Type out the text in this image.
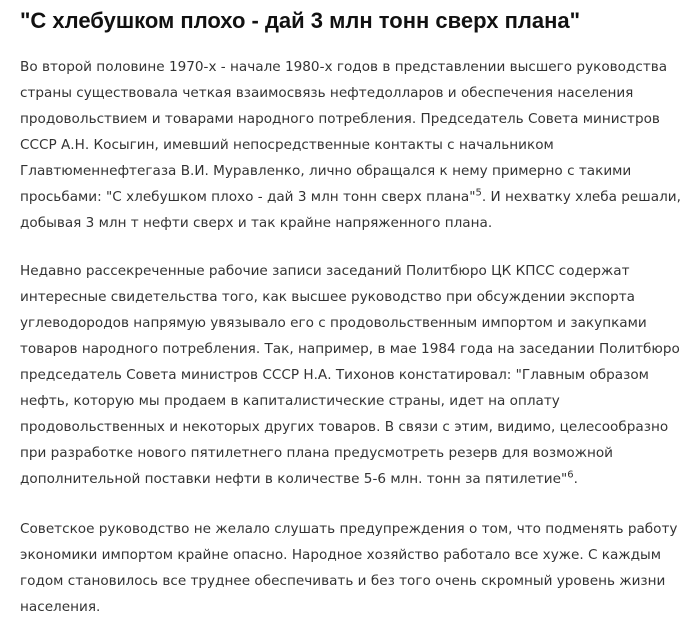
"С хлебушком плохо - дай 3 млн тонн сверх плана"
Во второй половине 1970-х - начале 1980-х годов в представлении высшего руководства
страны существовала четкая взаимосвязь нефтедолларов и обеспечения населения
продовольствием и товарами народного потребления. Председатель Совета министров
СССР А.Н. Косыгин, имевший непосредственные контакты с начальником
Главтюменнефтегаза В.И. Муравленко, лично обращался к нему примерно с такими
просьбами: "С хлебушком плохо - дай 3 млн тонн сверх плана"$^5$. И нехватку хлеба решали,
добывая 3 млн т нефти сверх и так крайне напряженного плана.
Недавно рассекреченные рабочие записи заседаний Политбюро ЦК КПСС содержат
интересные свидетельства того, как высшее руководство при обсуждении экспорта
углеводородов напрямую увязывало его с продовольственным импортом и закупками
товаров народного потребления. Так, например, в мае 1984 года на заседании Политбюро
председатель Совета министров СССР Н.А. Тихонов констатировал: "Главным образом
нефть, которую мы продаем в капиталистические страны, идет на оплату
продовольственных и некоторых других товаров. В связи с этим, видимо, целесообразно
при разработке нового пятилетнего плана предусмотреть резерв для возможной
дополнительной поставки нефти в количестве 5-6 млн. тонн за пятилетие"$^6$.
Советское руководство не желало слушать предупреждения о том, что подменять работу
экономики импортом крайне опасно. Народное хозяйство работало все хуже. С каждым
годом становилось все труднее обеспечивать и без того очень скромный уровень жизни
населения.
